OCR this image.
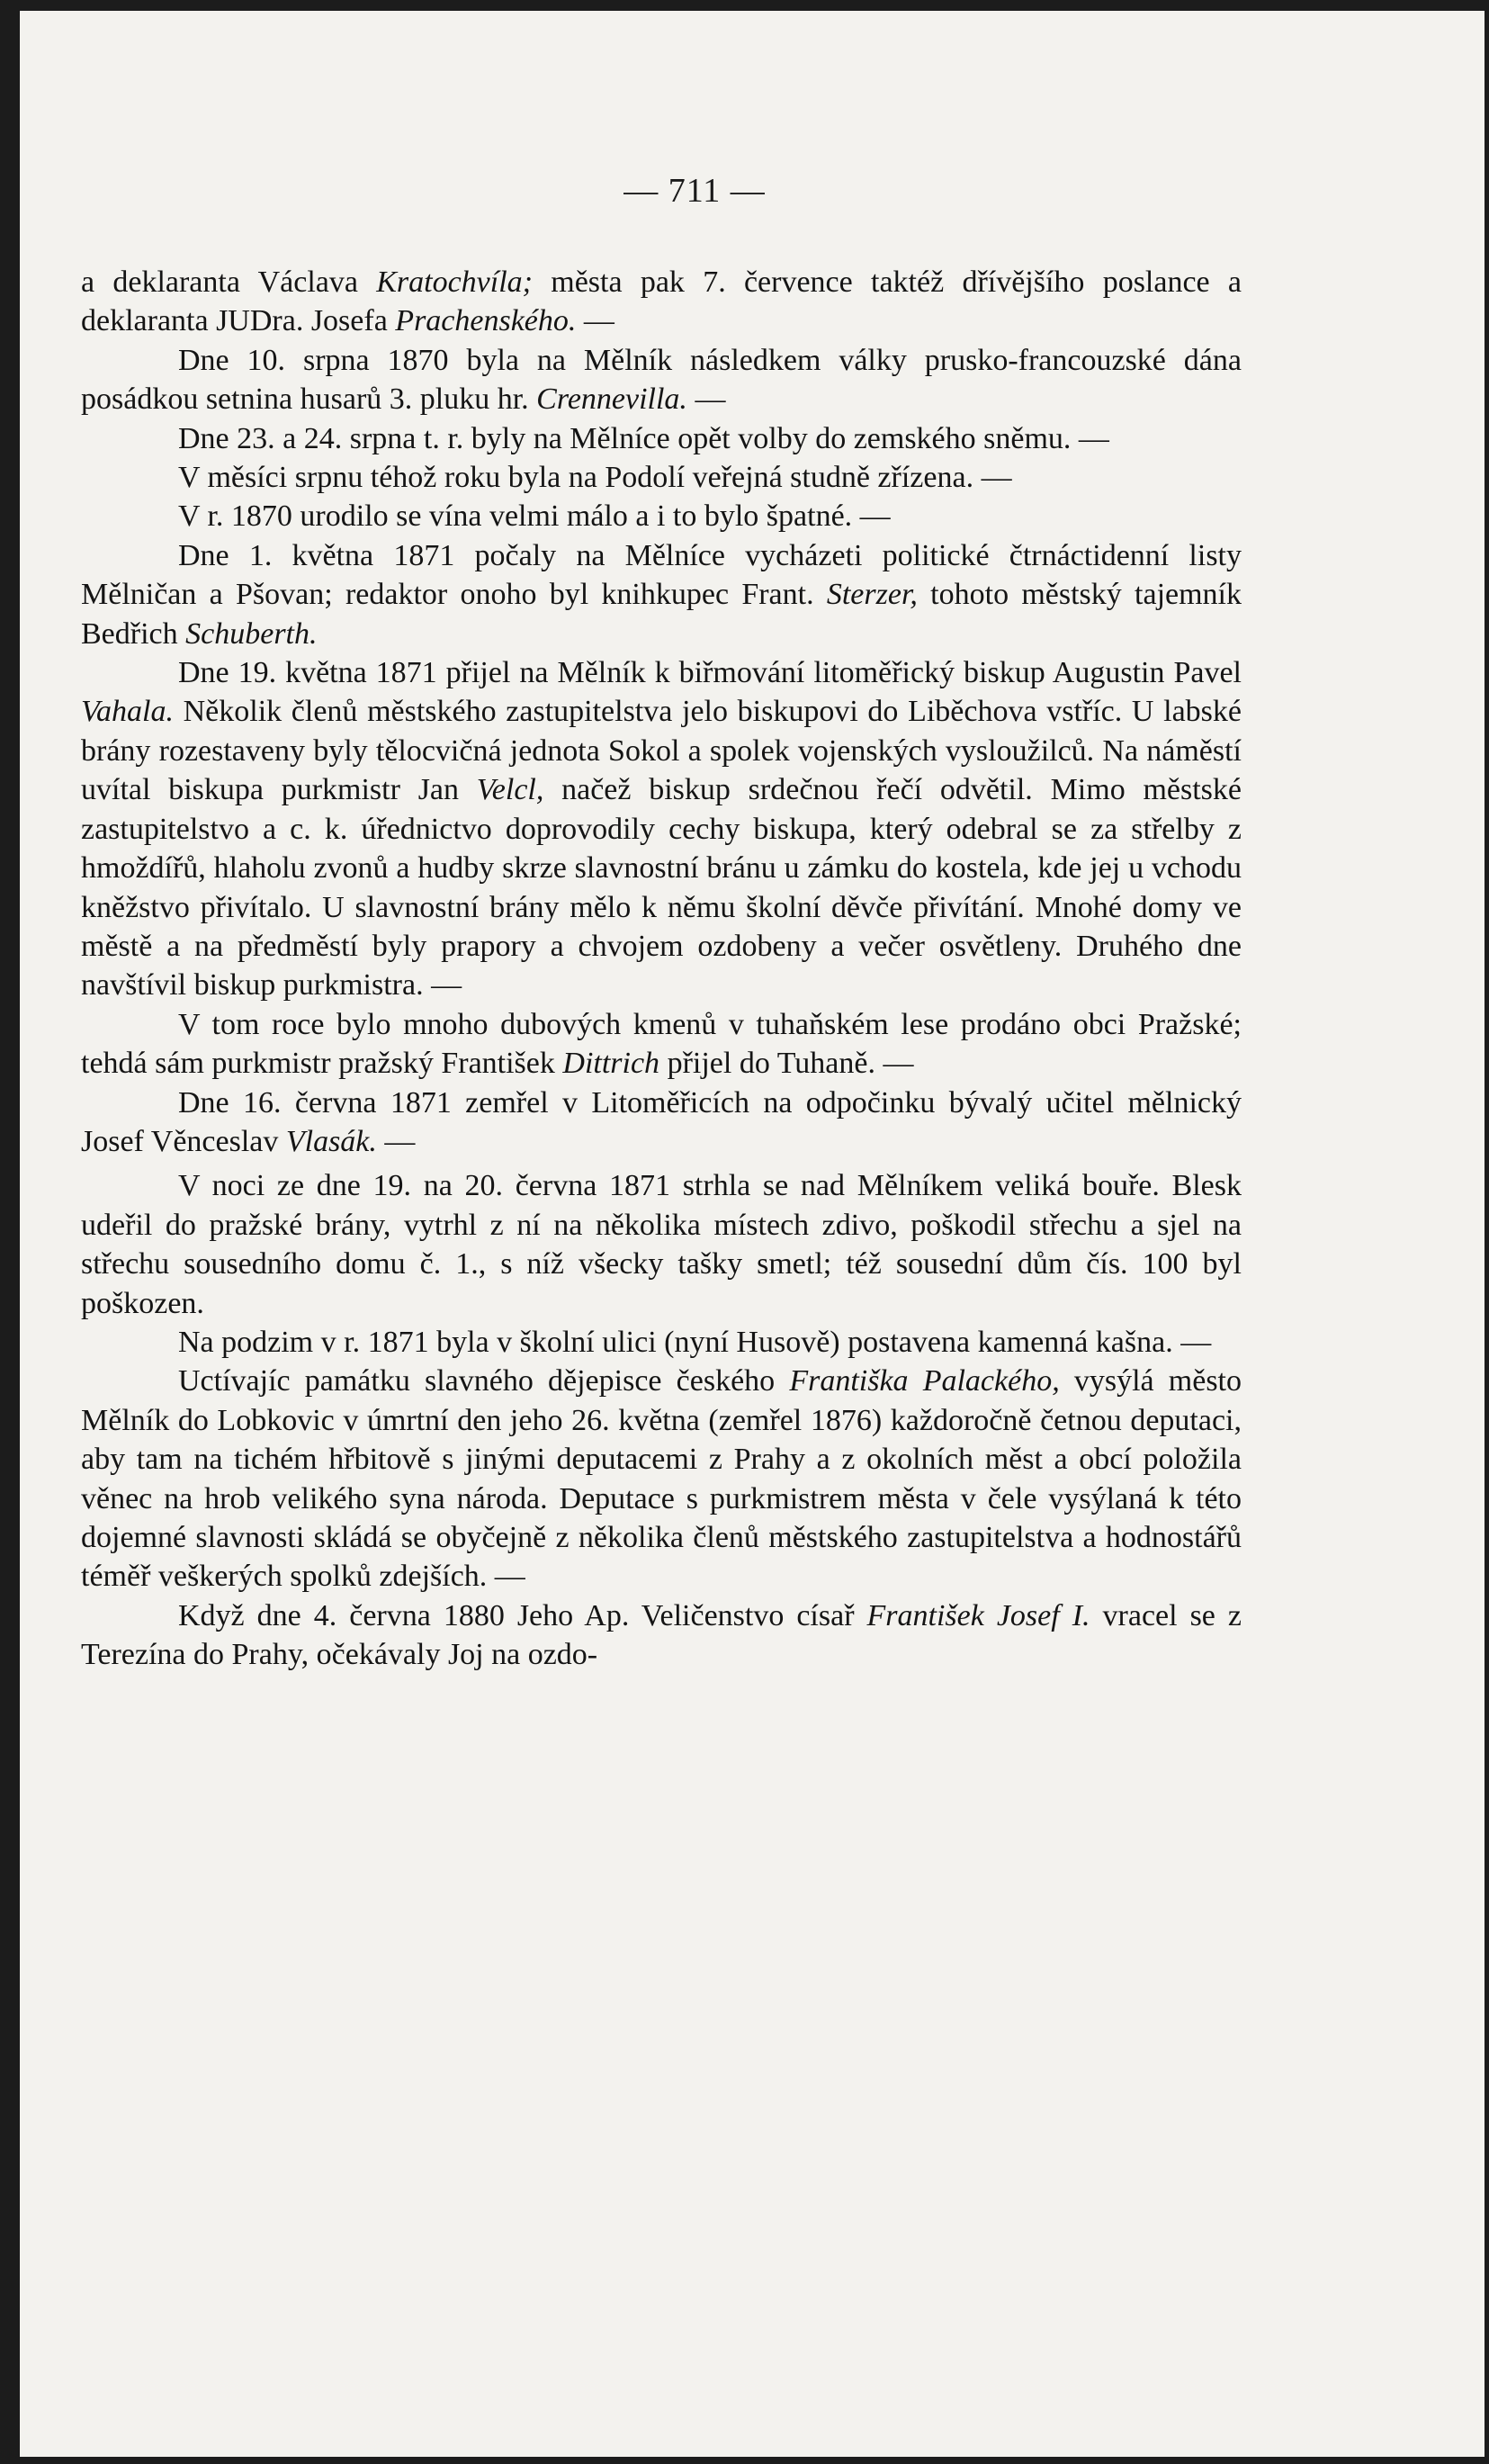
— 711 —

a deklaranta Václava Kratochvíla; města pak 7. července taktéž dřívějšího poslance a deklaranta JUDra. Josefa Prachenského. —

Dne 10. srpna 1870 byla na Mělník následkem války prusko-francouzské dána posádkou setnina husarů 3. pluku hr. Crennevilla. —

Dne 23. a 24. srpna t. r. byly na Mělníce opět volby do zemského sněmu. —

V měsíci srpnu téhož roku byla na Podolí veřejná studně zřízena. —

V r. 1870 urodilo se vína velmi málo a i to bylo špatné. —

Dne 1. května 1871 počaly na Mělníce vycházeti politické čtrnáctidenní listy Mělničan a Pšovan; redaktor onoho byl knihkupec Frant. Sterzer, tohoto městský tajemník Bedřich Schuberth.

Dne 19. května 1871 přijel na Mělník k biřmování litoměřický biskup Augustin Pavel Vahala. Několik členů městského zastupitelstva jelo biskupovi do Liběchova vstříc. U labské brány rozestaveny byly tělocvičná jednota Sokol a spolek vojenských vysloužilců. Na náměstí uvítal biskupa purkmistr Jan Velcl, načež biskup srdečnou řečí odvětil. Mimo městské zastupitelstvo a c. k. úřednictvo doprovodily cechy biskupa, který odebral se za střelby z hmoždířů, hlaholu zvonů a hudby skrze slavnostní bránu u zámku do kostela, kde jej u vchodu kněžstvo přivítalo. U slavnostní brány mělo k němu školní děvče přivítání. Mnohé domy ve městě a na předměstí byly prapory a chvojem ozdobeny a večer osvětleny. Druhého dne navštívil biskup purkmistra. —

V tom roce bylo mnoho dubových kmenů v tuhaňském lese prodáno obci Pražské; tehdá sám purkmistr pražský František Dittrich přijel do Tuhaně. —

Dne 16. června 1871 zemřel v Litoměřicích na odpočinku bývalý učitel mělnický Josef Věnceslav Vlasák. —

V noci ze dne 19. na 20. června 1871 strhla se nad Mělníkem veliká bouře. Blesk udeřil do pražské brány, vytrhl z ní na několika místech zdivo, poškodil střechu a sjel na střechu sousedního domu č. 1., s níž všecky tašky smetl; též sousední dům čís. 100 byl poškozen.

Na podzim v r. 1871 byla v školní ulici (nyní Husově) postavena kamenná kašna. —

Uctívajíc památku slavného dějepisce českého Františka Palackého, vysýlá město Mělník do Lobkovic v úmrtní den jeho 26. května (zemřel 1876) každoročně četnou deputaci, aby tam na tichém hřbitově s jinými deputacemi z Prahy a z okolních měst a obcí položila věnec na hrob velikého syna národa. Deputace s purkmistrem města v čele vysýlaná k této dojemné slavnosti skládá se obyčejně z několika členů městského zastupitelstva a hodnostářů téměř veškerých spolků zdejších. —

Když dne 4. června 1880 Jeho Ap. Veličenstvo císař František Josef I. vracel se z Terezína do Prahy, očekávaly Joj na ozdo-
